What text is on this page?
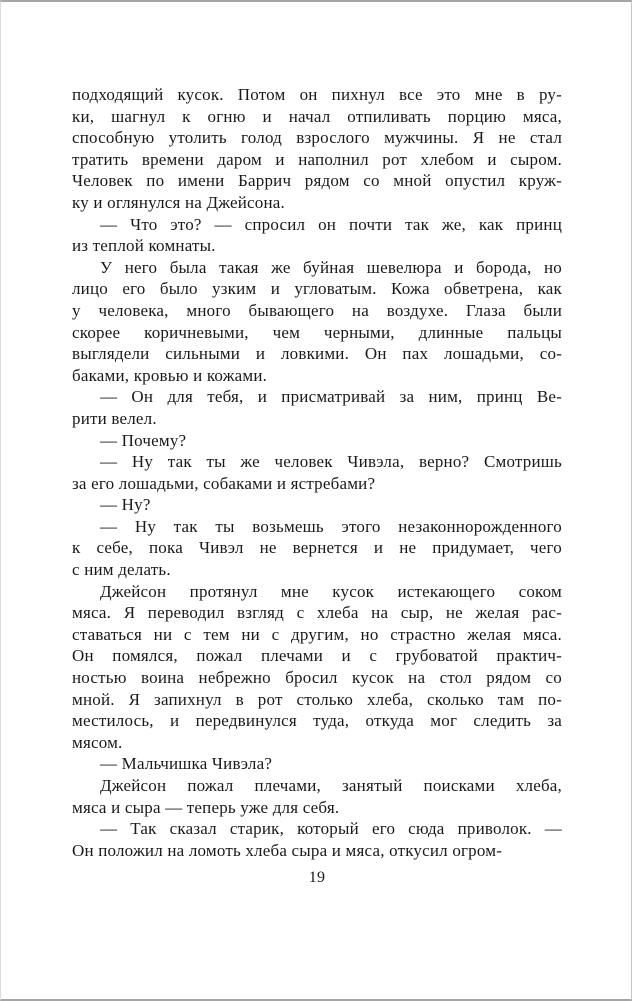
подходящий кусок. Потом он пихнул все это мне в ру-
ки, шагнул к огню и начал отпиливать порцию мяса,
способную утолить голод взрослого мужчины. Я не стал
тратить времени даром и наполнил рот хлебом и сыром.
Человек по имени Баррич рядом со мной опустил круж-
ку и оглянулся на Джейсона.
— Что это? — спросил он почти так же, как принц
из теплой комнаты.
У него была такая же буйная шевелюра и борода, но
лицо его было узким и угловатым. Кожа обветрена, как
у человека, много бывающего на воздухе. Глаза были
скорее коричневыми, чем черными, длинные пальцы
выглядели сильными и ловкими. Он пах лошадьми, со-
баками, кровью и кожами.
— Он для тебя, и присматривай за ним, принц Ве-
рити велел.
— Почему?
— Ну так ты же человек Чивэла, верно? Смотришь
за его лошадьми, собаками и ястребами?
— Ну?
— Ну так ты возьмешь этого незаконнорожденного
к себе, пока Чивэл не вернется и не придумает, чего
с ним делать.
Джейсон протянул мне кусок истекающего соком
мяса. Я переводил взгляд с хлеба на сыр, не желая рас-
ставаться ни с тем ни с другим, но страстно желая мяса.
Он помялся, пожал плечами и с грубоватой практич-
ностью воина небрежно бросил кусок на стол рядом со
мной. Я запихнул в рот столько хлеба, сколько там по-
местилось, и передвинулся туда, откуда мог следить за
мясом.
— Мальчишка Чивэла?
Джейсон пожал плечами, занятый поисками хлеба,
мяса и сыра — теперь уже для себя.
— Так сказал старик, который его сюда приволок. —
Он положил на ломоть хлеба сыра и мяса, откусил огром-
19
